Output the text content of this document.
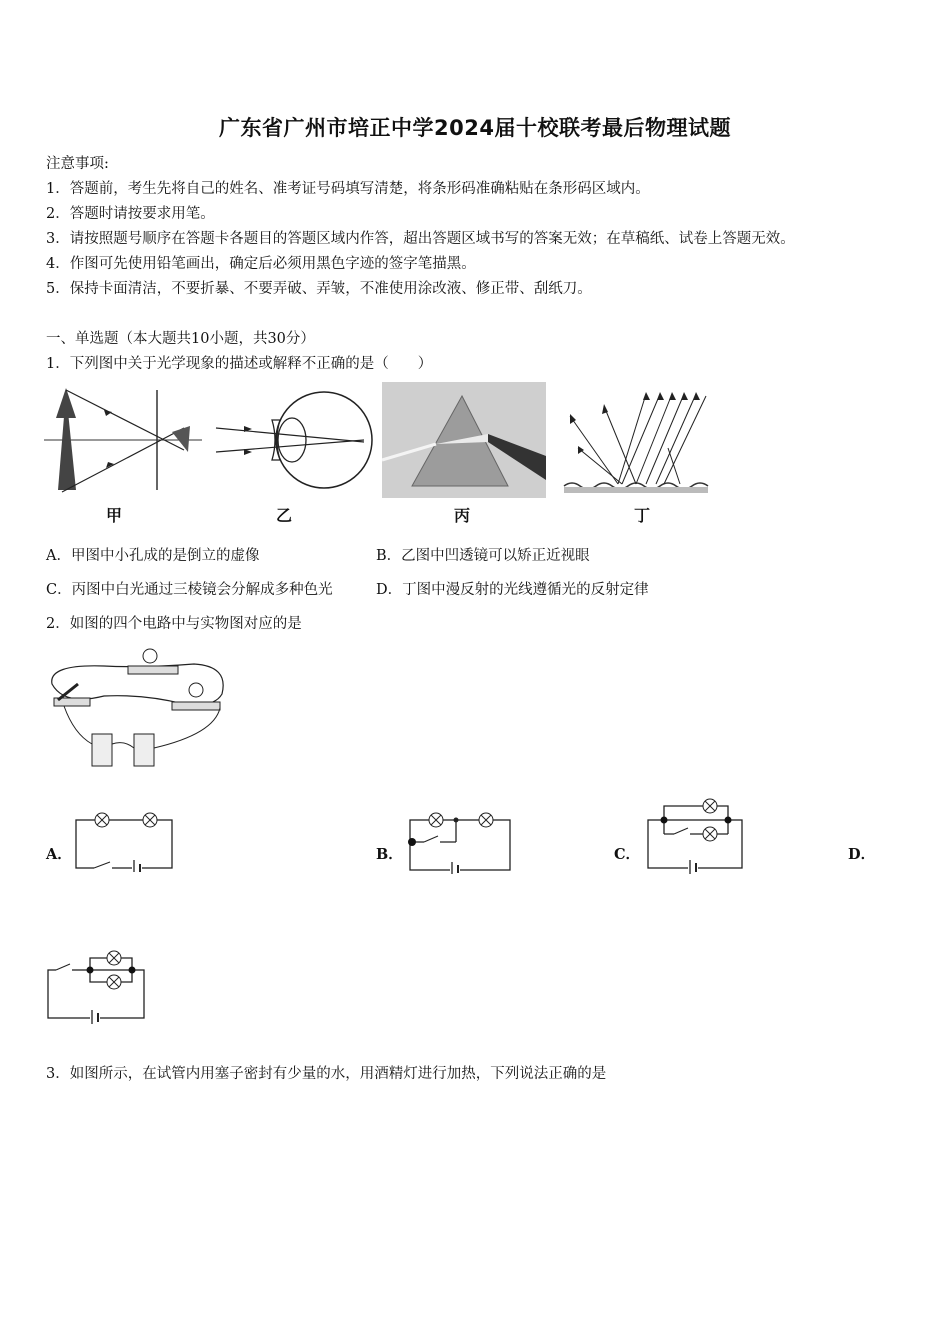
广东省广州市培正中学2024届十校联考最后物理试题
注意事项:
1．答题前，考生先将自己的姓名、准考证号码填写清楚，将条形码准确粘贴在条形码区域内。
2．答题时请按要求用笔。
3．请按照题号顺序在答题卡各题目的答题区域内作答，超出答题区域书写的答案无效；在草稿纸、试卷上答题无效。
4．作图可先使用铅笔画出，确定后必须用黑色字迹的签字笔描黑。
5．保持卡面清洁，不要折暴、不要弄破、弄皱，不准使用涂改液、修正带、刮纸刀。
一、单选题（本大题共10小题，共30分）
1．下列图中关于光学现象的描述或解释不正确的是（　　）
甲	乙	丙	丁
A．甲图中小孔成的是倒立的虚像	B．乙图中凹透镜可以矫正近视眼
C．丙图中白光通过三棱镜会分解成多种色光	D．丁图中漫反射的光线遵循光的反射定律
2．如图的四个电路中与实物图对应的是
A．	B．	C．	D．
3．如图所示，在试管内用塞子密封有少量的水，用酒精灯进行加热，下列说法正确的是
